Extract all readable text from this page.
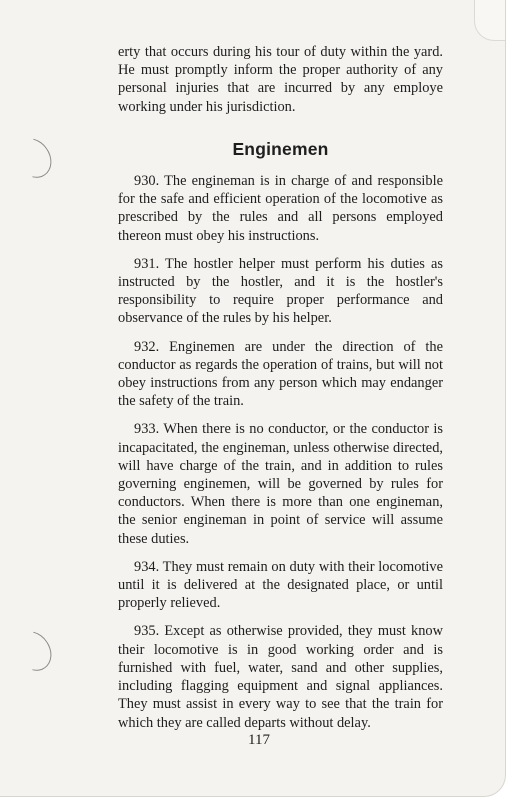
erty that occurs during his tour of duty within the yard. He must promptly inform the proper authority of any personal injuries that are incurred by any employe working under his jurisdiction.

Enginemen

930. The engineman is in charge of and responsible for the safe and efficient operation of the locomotive as prescribed by the rules and all persons employed thereon must obey his instructions.

931. The hostler helper must perform his duties as instructed by the hostler, and it is the hostler's responsibility to require proper performance and observance of the rules by his helper.

932. Enginemen are under the direction of the conductor as regards the operation of trains, but will not obey instructions from any person which may endanger the safety of the train.

933. When there is no conductor, or the conductor is incapacitated, the engineman, unless otherwise directed, will have charge of the train, and in addition to rules governing enginemen, will be governed by rules for conductors. When there is more than one engineman, the senior engineman in point of service will assume these duties.

934. They must remain on duty with their locomotive until it is delivered at the designated place, or until properly relieved.

935. Except as otherwise provided, they must know their locomotive is in good working order and is furnished with fuel, water, sand and other supplies, including flagging equipment and signal appliances. They must assist in every way to see that the train for which they are called departs without delay.

117
